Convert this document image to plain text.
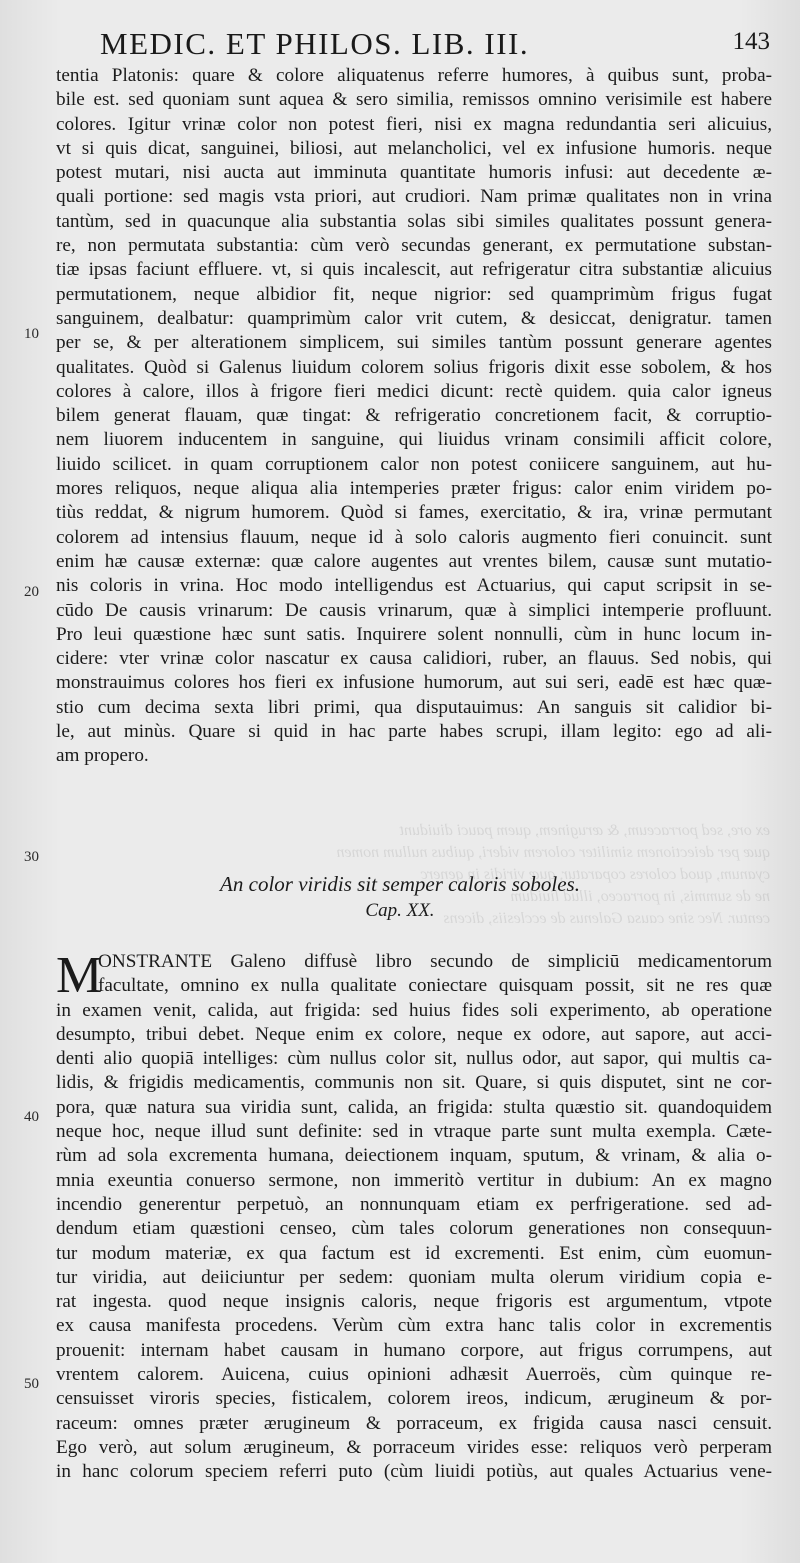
MEDIC. ET PHILOS. LIB. III.	143
ex ore, sed porraceum, & æruginem, quem pauci diuidunt
quæ per deiectionem similiter colorem videri, quibus nullum nomen
cyanum, quod colores coparatur, quæ viridis in generc
ne de summis, in porraceo, illud liuidum
centur. Nec sine causa Galenus de ecclesiis, dicens
tentia Platonis: quare & colore aliquatenus referre humores, à quibus sunt, proba-
bile est. sed quoniam sunt aquea & sero similia, remissos omnino verisimile est habere
colores. Igitur vrinæ color non potest fieri, nisi ex magna redundantia seri alicuius,
vt si quis dicat, sanguinei, biliosi, aut melancholici, vel ex infusione humoris. neque
potest mutari, nisi aucta aut imminuta quantitate humoris infusi: aut decedente æ-
quali portione: sed magis vsta priori, aut crudiori. Nam primæ qualitates non in vrina
tantùm, sed in quacunque alia substantia solas sibi similes qualitates possunt genera-
re, non permutata substantia: cùm verò secundas generant, ex permutatione substan-
tiæ ipsas faciunt effluere. vt, si quis incalescit, aut refrigeratur citra substantiæ alicuius
permutationem, neque albidior fit, neque nigrior: sed quamprimùm frigus fugat
sanguinem, dealbatur: quamprimùm calor vrit cutem, & desiccat, denigratur. tamen
per se, & per alterationem simplicem, sui similes tantùm possunt generare agentes
qualitates. Quòd si Galenus liuidum colorem solius frigoris dixit esse sobolem, & hos
colores à calore, illos à frigore fieri medici dicunt: rectè quidem. quia calor igneus
bilem generat flauam, quæ tingat: & refrigeratio concretionem facit, & corruptio-
nem liuorem inducentem in sanguine, qui liuidus vrinam consimili afficit colore,
liuido scilicet. in quam corruptionem calor non potest coniicere sanguinem, aut hu-
mores reliquos, neque aliqua alia intemperies præter frigus: calor enim viridem po-
tiùs reddat, & nigrum humorem. Quòd si fames, exercitatio, & ira, vrinæ permutant
colorem ad intensius flauum, neque id à solo caloris augmento fieri conuincit. sunt
enim hæ causæ externæ: quæ calore augentes aut vrentes bilem, causæ sunt mutatio-
nis coloris in vrina. Hoc modo intelligendus est Actuarius, qui caput scripsit in se-
cūdo De causis vrinarum: De causis vrinarum, quæ à simplici intemperie profluunt.
Pro leui quæstione hæc sunt satis. Inquirere solent nonnulli, cùm in hunc locum in-
cidere: vter vrinæ color nascatur ex causa calidiori, ruber, an flauus. Sed nobis, qui
monstrauimus colores hos fieri ex infusione humorum, aut sui seri, eadē est hæc quæ-
stio cum decima sexta libri primi, qua disputauimus: An sanguis sit calidior bi-
le, aut minùs. Quare si quid in hac parte habes scrupi, illam legito: ego ad ali-
am propero.
An color viridis sit semper caloris soboles.
Cap. XX.
M
ONSTRANTE Galeno diffusè libro secundo de simpliciū medicamentorum
facultate, omnino ex nulla qualitate coniectare quisquam possit, sit ne res quæ
in examen venit, calida, aut frigida: sed huius fides soli experimento, ab operatione
desumpto, tribui debet. Neque enim ex colore, neque ex odore, aut sapore, aut acci-
denti alio quopiā intelliges: cùm nullus color sit, nullus odor, aut sapor, qui multis ca-
lidis, & frigidis medicamentis, communis non sit. Quare, si quis disputet, sint ne cor-
pora, quæ natura sua viridia sunt, calida, an frigida: stulta quæstio sit. quandoquidem
neque hoc, neque illud sunt definite: sed in vtraque parte sunt multa exempla. Cæte-
rùm ad sola excrementa humana, deiectionem inquam, sputum, & vrinam, & alia o-
mnia exeuntia conuerso sermone, non immeritò vertitur in dubium: An ex magno
incendio generentur perpetuò, an nonnunquam etiam ex perfrigeratione. sed ad-
dendum etiam quæstioni censeo, cùm tales colorum generationes non consequun-
tur modum materiæ, ex qua factum est id excrementi. Est enim, cùm euomun-
tur viridia, aut deiiciuntur per sedem: quoniam multa olerum viridium copia e-
rat ingesta. quod neque insignis caloris, neque frigoris est argumentum, vtpote
ex causa manifesta procedens. Verùm cùm extra hanc talis color in excrementis
prouenit: internam habet causam in humano corpore, aut frigus corrumpens, aut
vrentem calorem. Auicena, cuius opinioni adhæsit Auerroës, cùm quinque re-
censuisset viroris species, fisticalem, colorem ireos, indicum, ærugineum & por-
raceum: omnes præter ærugineum & porraceum, ex frigida causa nasci censuit.
Ego verò, aut solum ærugineum, & porraceum virides esse: reliquos verò perperam
in hanc colorum speciem referri puto (cùm liuidi potiùs, aut quales Actuarius vene-
10
20
30
40
50
